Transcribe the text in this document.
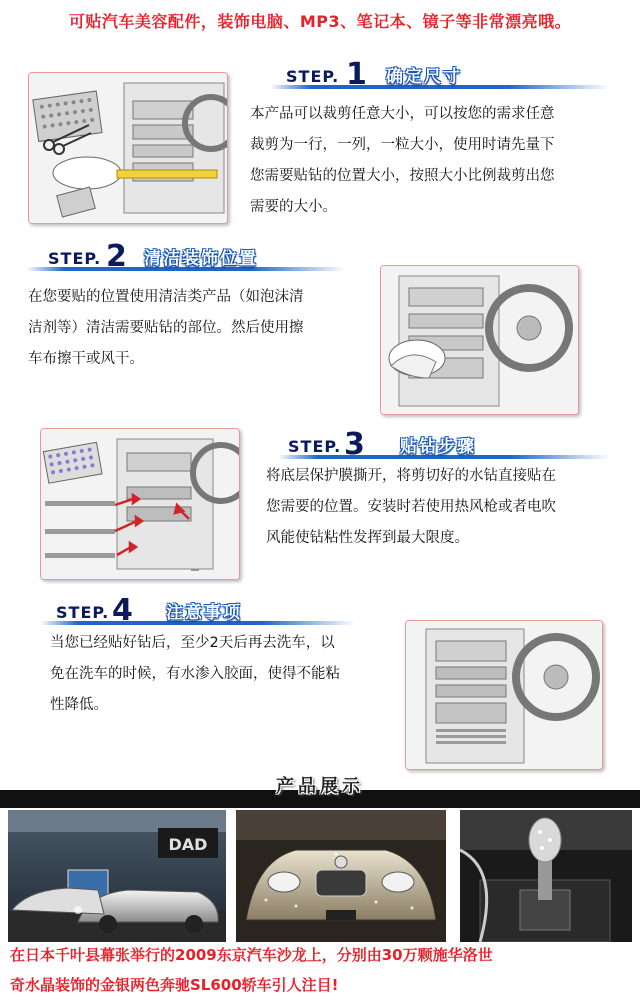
可贴汽车美容配件，装饰电脑、MP3、笔记本、镜子等非常漂亮哦。
STEP. 1 确定尺寸
本产品可以裁剪任意大小，可以按您的需求任意
裁剪为一行，一列，一粒大小，使用时请先量下
您需要贴钻的位置大小，按照大小比例裁剪出您
需要的大小。
STEP. 2 清洁装饰位置
在您要贴的位置使用清洁类产品（如泡沫清
洁剂等）清洁需要贴钻的部位。然后使用擦
车布擦干或风干。
STEP. 3 贴钻步骤
将底层保护膜撕开，将剪切好的水钻直接贴在
您需要的位置。安装时若使用热风枪或者电吹
风能使钻粘性发挥到最大限度。
STEP. 4 注意事项
当您已经贴好钻后，至少2天后再去洗车，以
免在洗车的时候，有水渗入胶面，使得不能粘
性降低。
产品展示
DAD
在日本千叶县幕张举行的2009东京汽车沙龙上，分别由30万颗施华洛世
奇水晶装饰的金银两色奔驰SL600轿车引人注目!
